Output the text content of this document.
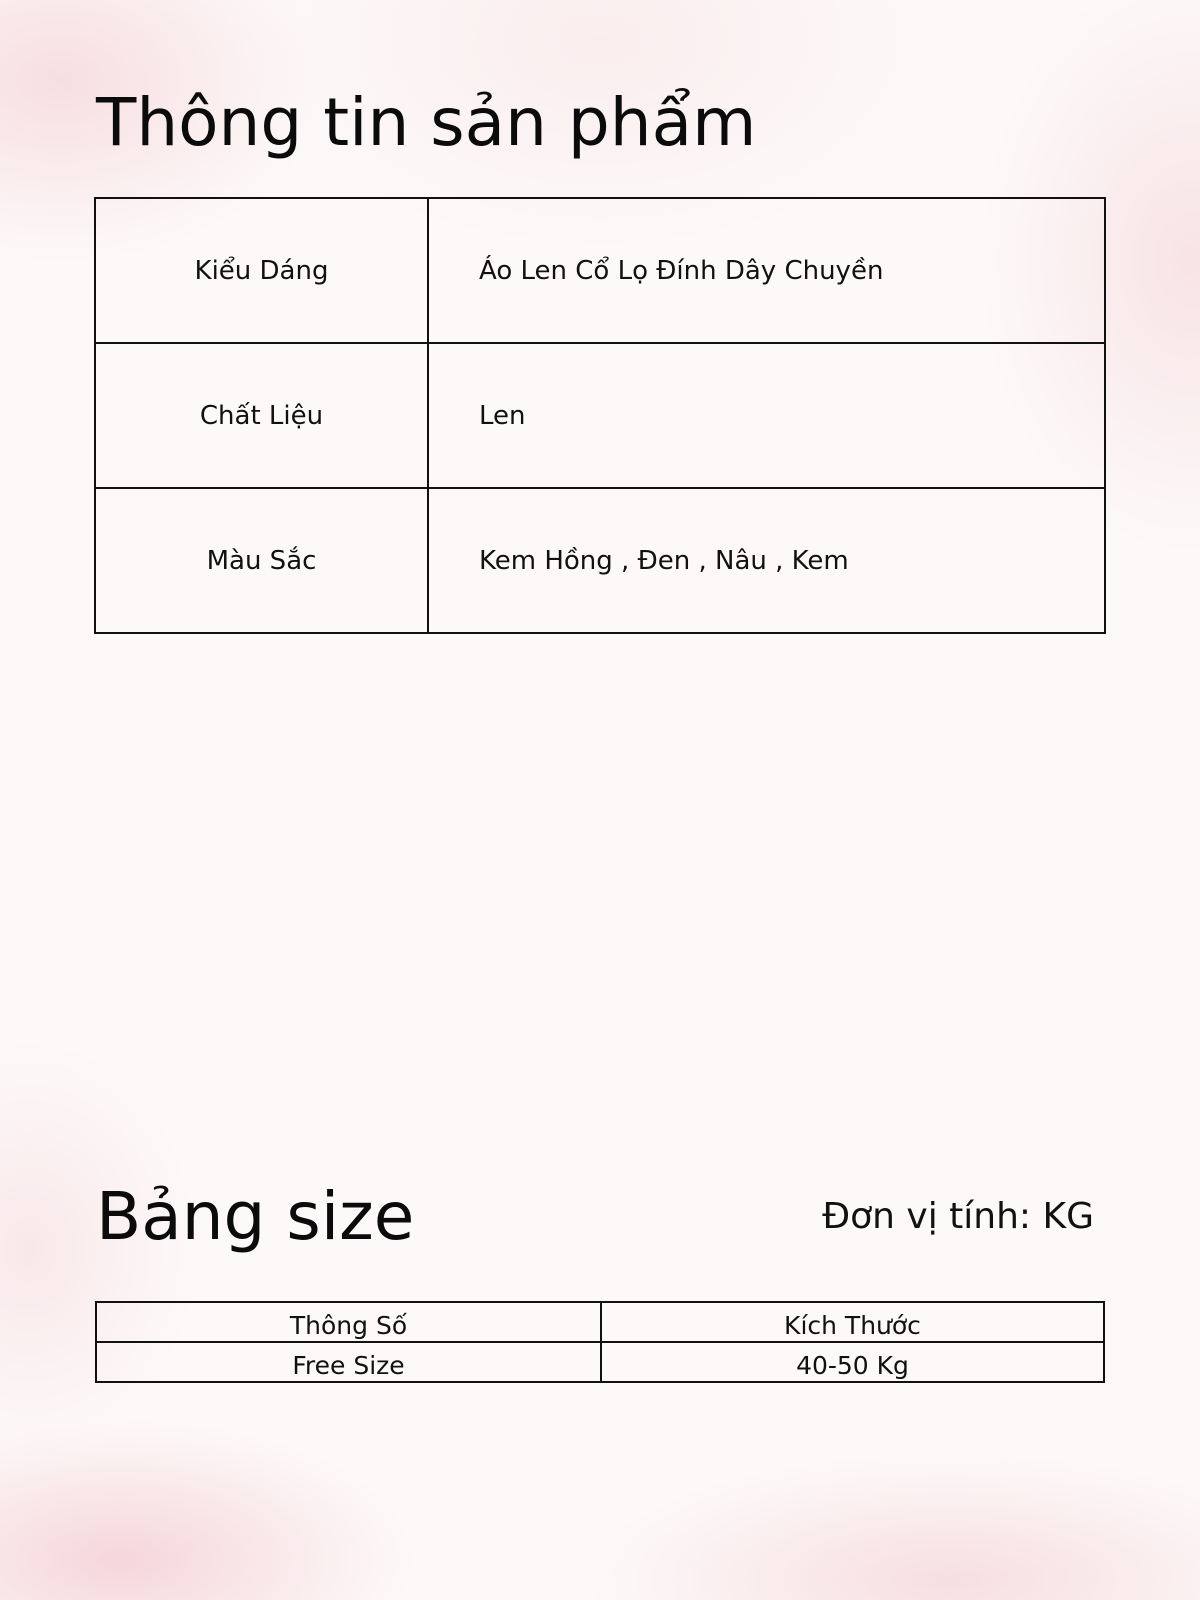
Thông tin sản phẩm
Kiểu Dáng	Áo Len Cổ Lọ Đính Dây Chuyền
Chất Liệu	Len
Màu Sắc	Kem Hồng , Đen , Nâu , Kem
Bảng size	Đơn vị tính: KG
Thông Số	Kích Thước
Free Size	40-50 Kg
